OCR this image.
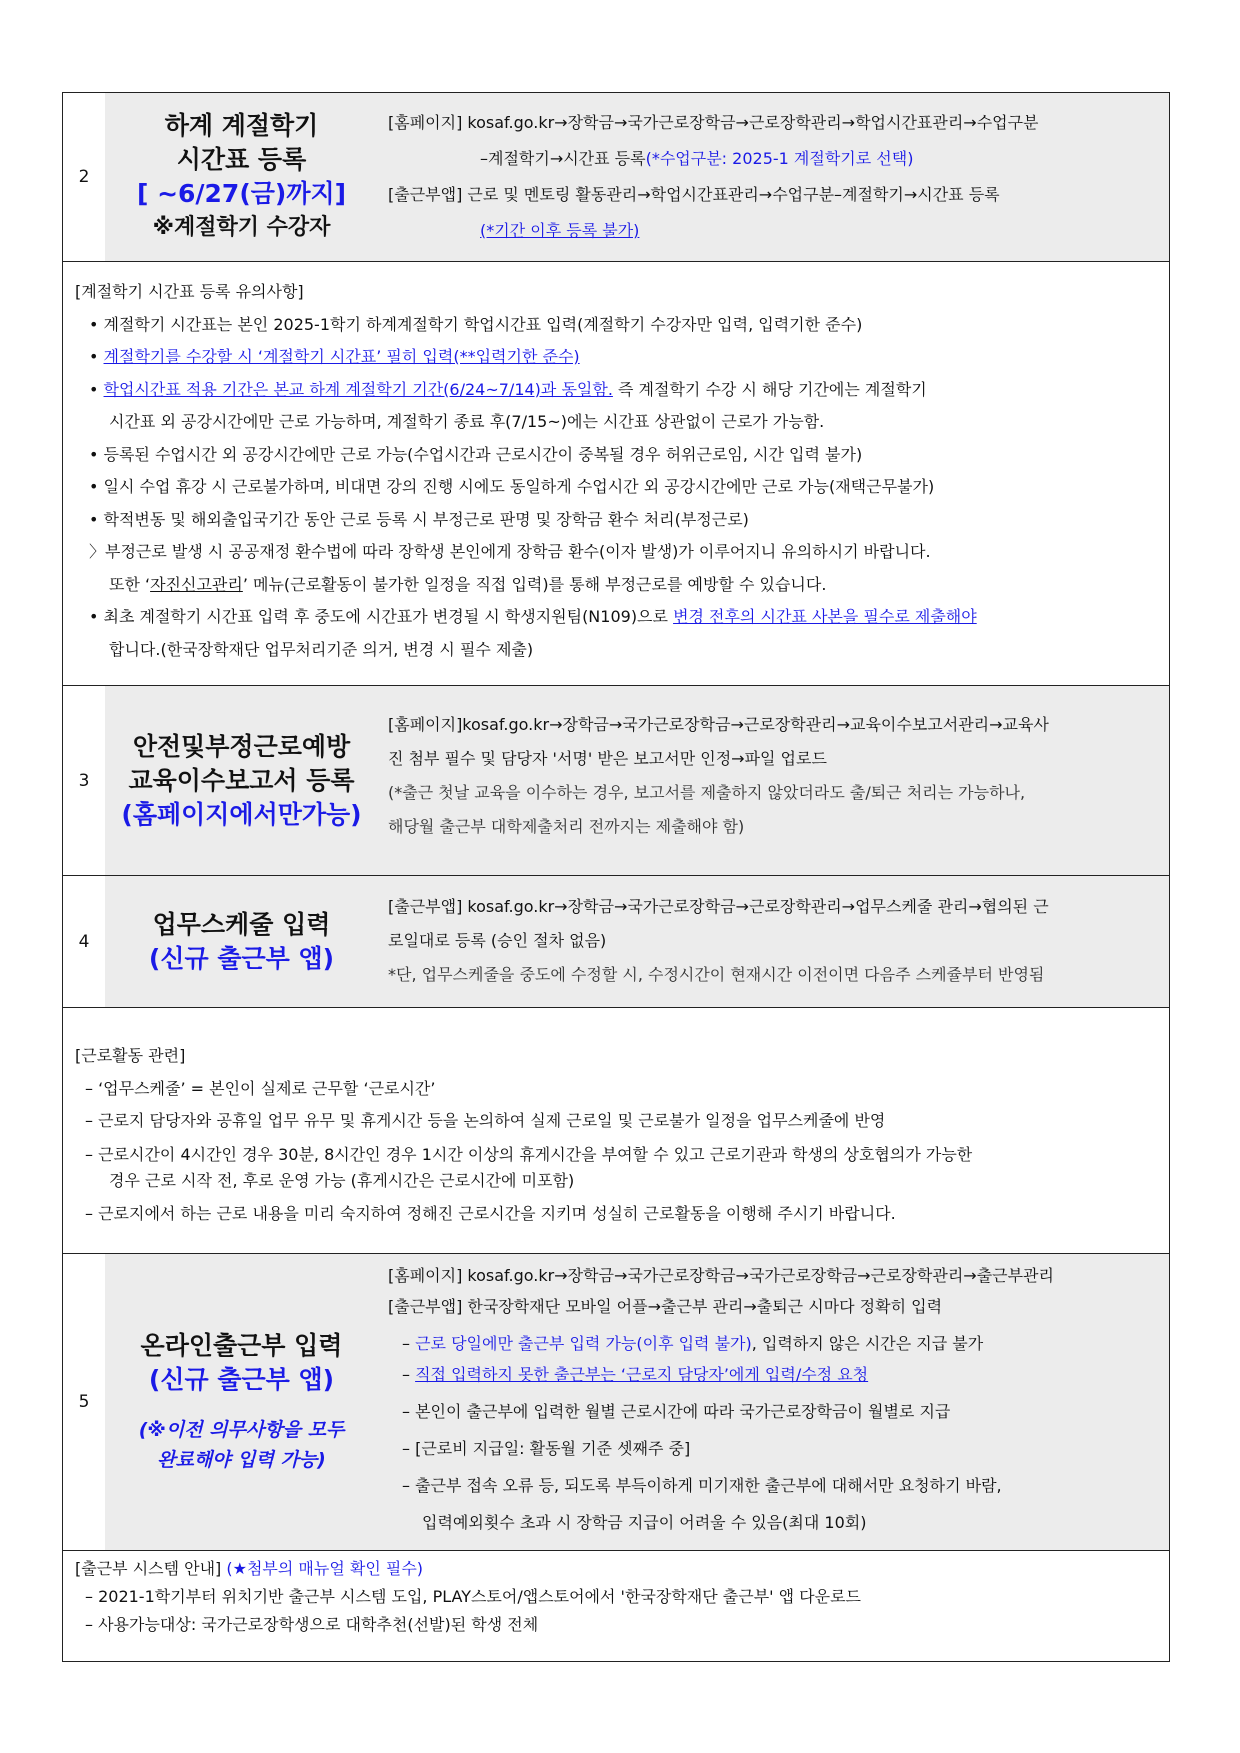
2
하계 계절학기
시간표 등록
[ ~6/27(금)까지]
※계절학기 수강자

[홈페이지] kosaf.go.kr→장학금→국가근로장학금→근로장학관리→학업시간표관리→수업구분

–계절학기→시간표 등록(*수업구분: 2025-1 계절학기로 선택)

[출근부앱] 근로 및 멘토링 활동관리→학업시간표관리→수업구분–계절학기→시간표 등록

(*기간 이후 등록 불가)

[계절학기 시간표 등록 유의사항]

• 계절학기 시간표는 본인 2025-1학기 하계계절학기 학업시간표 입력(계절학기 수강자만 입력, 입력기한 준수)

• 계절학기를 수강할 시 ‘계절학기 시간표’ 필히 입력(**입력기한 준수)

• 학업시간표 적용 기간은 본교 하계 계절학기 기간(6/24~7/14)과 동일함. 즉 계절학기 수강 시 해당 기간에는 계절학기

시간표 외 공강시간에만 근로 가능하며, 계절학기 종료 후(7/15~)에는 시간표 상관없이 근로가 가능함.

• 등록된 수업시간 외 공강시간에만 근로 가능(수업시간과 근로시간이 중복될 경우 허위근로임, 시간 입력 불가)

• 일시 수업 휴강 시 근로불가하며, 비대면 강의 진행 시에도 동일하게 수업시간 외 공강시간에만 근로 가능(재택근무불가)

• 학적변동 및 해외출입국기간 동안 근로 등록 시 부정근로 판명 및 장학금 환수 처리(부정근로)

〉부정근로 발생 시 공공재정 환수법에 따라 장학생 본인에게 장학금 환수(이자 발생)가 이루어지니 유의하시기 바랍니다.

또한 ‘자진신고관리’ 메뉴(근로활동이 불가한 일정을 직접 입력)를 통해 부정근로를 예방할 수 있습니다.

• 최초 계절학기 시간표 입력 후 중도에 시간표가 변경될 시 학생지원팀(N109)으로 변경 전후의 시간표 사본을 필수로 제출해야

합니다.(한국장학재단 업무처리기준 의거, 변경 시 필수 제출)

3
안전및부정근로예방
교육이수보고서 등록
(홈페이지에서만가능)

[홈페이지]kosaf.go.kr→장학금→국가근로장학금→근로장학관리→교육이수보고서관리→교육사

진 첨부 필수 및 담당자 '서명' 받은 보고서만 인정→파일 업로드

(*출근 첫날 교육을 이수하는 경우, 보고서를 제출하지 않았더라도 출/퇴근 처리는 가능하나,

해당월 출근부 대학제출처리 전까지는 제출해야 함)

4
업무스케줄 입력
(신규 출근부 앱)

[출근부앱] kosaf.go.kr→장학금→국가근로장학금→근로장학관리→업무스케줄 관리→협의된 근

로일대로 등록 (승인 절차 없음)

*단, 업무스케줄을 중도에 수정할 시, 수정시간이 현재시간 이전이면 다음주 스케쥴부터 반영됨

[근로활동 관련]

– ‘업무스케줄’ = 본인이 실제로 근무할 ‘근로시간’

– 근로지 담당자와 공휴일 업무 유무 및 휴게시간 등을 논의하여 실제 근로일 및 근로불가 일정을 업무스케줄에 반영

– 근로시간이 4시간인 경우 30분, 8시간인 경우 1시간 이상의 휴게시간을 부여할 수 있고 근로기관과 학생의 상호협의가 가능한

경우 근로 시작 전, 후로 운영 가능 (휴게시간은 근로시간에 미포함)

– 근로지에서 하는 근로 내용을 미리 숙지하여 정해진 근로시간을 지키며 성실히 근로활동을 이행해 주시기 바랍니다.

5
온라인출근부 입력
(신규 출근부 앱)
(※이전 의무사항을 모두
완료해야 입력 가능)

[홈페이지] kosaf.go.kr→장학금→국가근로장학금→국가근로장학금→근로장학관리→출근부관리

[출근부앱] 한국장학재단 모바일 어플→출근부 관리→출퇴근 시마다 정확히 입력

– 근로 당일에만 출근부 입력 가능(이후 입력 불가), 입력하지 않은 시간은 지급 불가

– 직접 입력하지 못한 출근부는 ‘근로지 담당자’에게 입력/수정 요청

– 본인이 출근부에 입력한 월별 근로시간에 따라 국가근로장학금이 월별로 지급

– [근로비 지급일: 활동월 기준 셋째주 중]

– 출근부 접속 오류 등, 되도록 부득이하게 미기재한 출근부에 대해서만 요청하기 바람,

입력예외횟수 초과 시 장학금 지급이 어려울 수 있음(최대 10회)

[출근부 시스템 안내] (★첨부의 매뉴얼 확인 필수)

– 2021-1학기부터 위치기반 출근부 시스템 도입, PLAY스토어/앱스토어에서 '한국장학재단 출근부' 앱 다운로드

– 사용가능대상: 국가근로장학생으로 대학추천(선발)된 학생 전체
